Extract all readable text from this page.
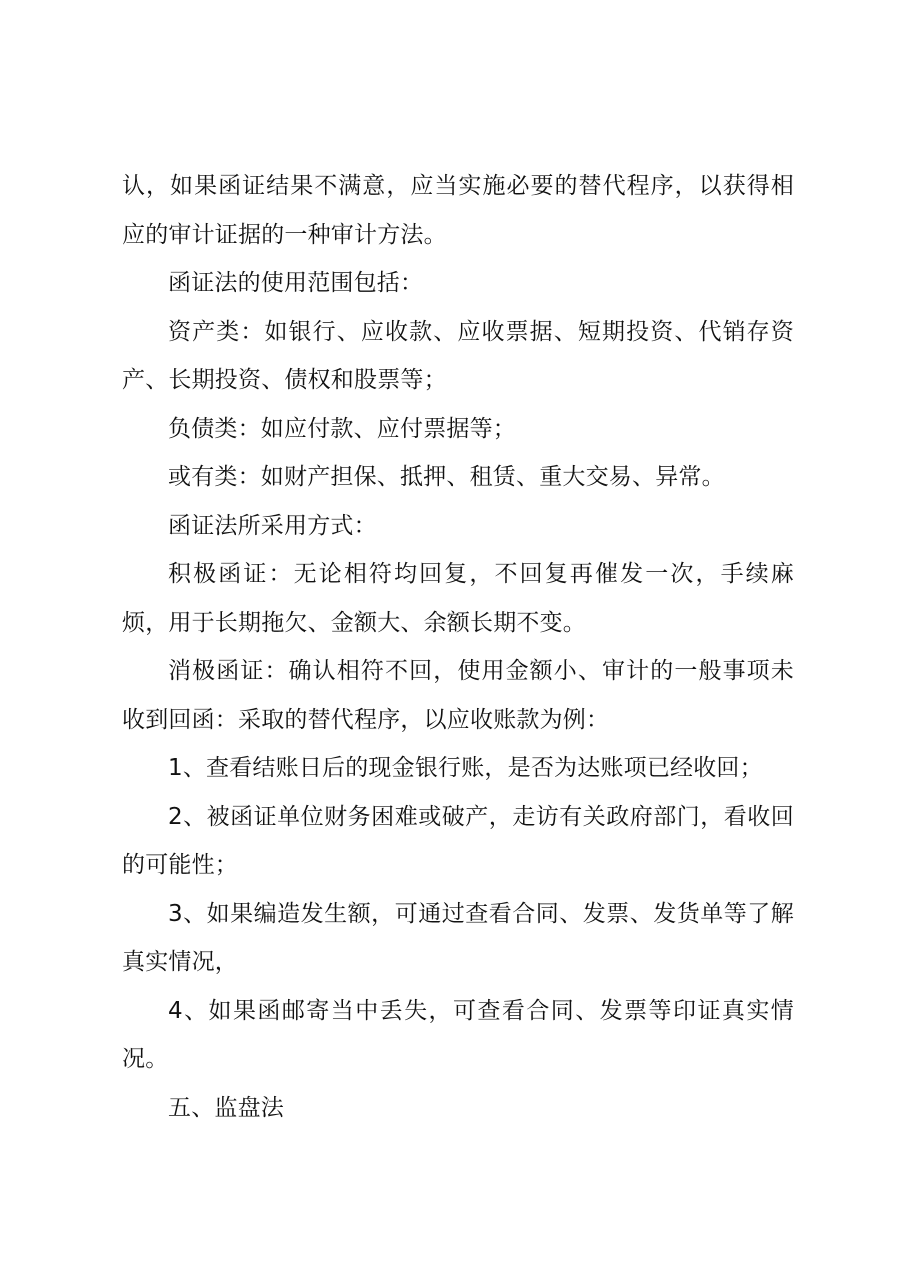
认，如果函证结果不满意，应当实施必要的替代程序，以获得相应的审计证据的一种审计方法。

函证法的使用范围包括：

资产类：如银行、应收款、应收票据、短期投资、代销存资产、长期投资、债权和股票等；

负债类：如应付款、应付票据等；

或有类：如财产担保、抵押、租赁、重大交易、异常。

函证法所采用方式：

积极函证：无论相符均回复，不回复再催发一次，手续麻烦，用于长期拖欠、金额大、余额长期不变。

消极函证：确认相符不回，使用金额小、审计的一般事项未收到回函：采取的替代程序，以应收账款为例：

1、查看结账日后的现金银行账，是否为达账项已经收回；

2、被函证单位财务困难或破产，走访有关政府部门，看收回的可能性；

3、如果编造发生额，可通过查看合同、发票、发货单等了解真实情况，

4、如果函邮寄当中丢失，可查看合同、发票等印证真实情况。

五、监盘法
